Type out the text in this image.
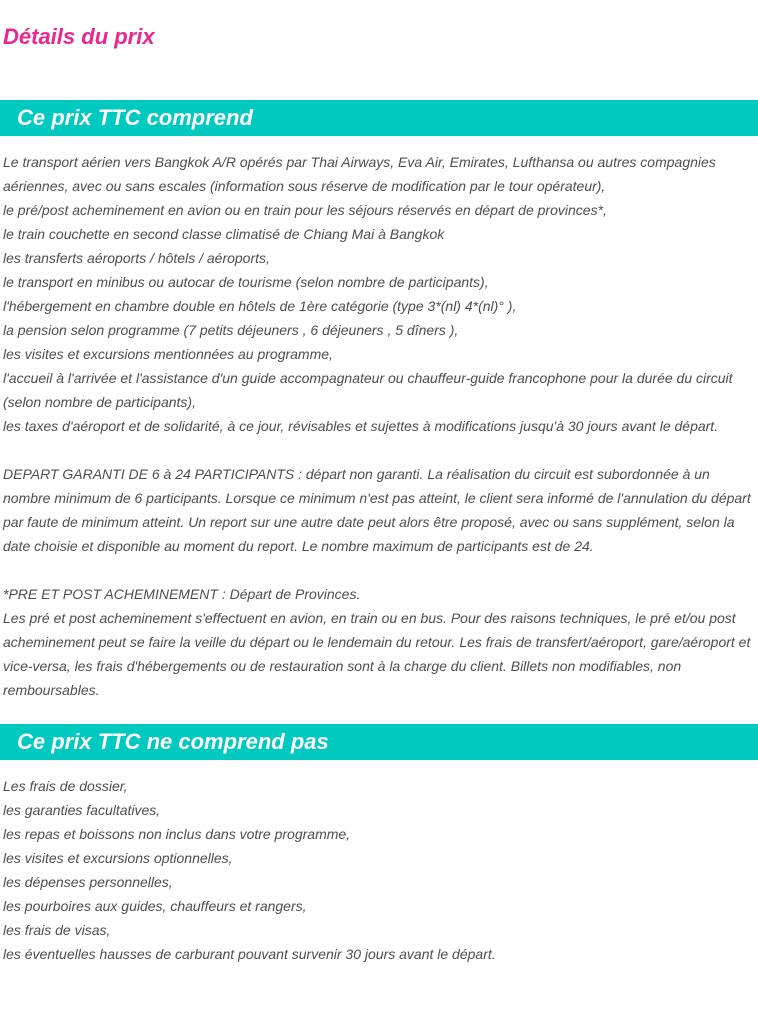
Détails du prix
Ce prix TTC comprend

Le transport aérien vers Bangkok A/R opérés par Thai Airways, Eva Air, Emirates, Lufthansa ou autres compagnies aériennes, avec ou sans escales (information sous réserve de modification par le tour opérateur),

le pré/post acheminement en avion ou en train pour les séjours réservés en départ de provinces*,

le train couchette en second classe climatisé de Chiang Mai à Bangkok

les transferts aéroports / hôtels / aéroports,

le transport en minibus ou autocar de tourisme (selon nombre de participants),

l'hébergement en chambre double en hôtels de 1ère catégorie (type 3*(nl) 4*(nl)° ),

la pension selon programme (7 petits déjeuners , 6 déjeuners , 5 dîners ),

les visites et excursions mentionnées au programme,

l'accueil à l'arrivée et l'assistance d'un guide accompagnateur ou chauffeur-guide francophone pour la durée du circuit (selon nombre de participants),

les taxes d'aéroport et de solidarité, à ce jour, révisables et sujettes à modifications jusqu'à 30 jours avant le départ.

DEPART GARANTI DE 6 à 24 PARTICIPANTS : départ non garanti. La réalisation du circuit est subordonnée à un nombre minimum de 6 participants. Lorsque ce minimum n'est pas atteint, le client sera informé de l'annulation du départ par faute de minimum atteint. Un report sur une autre date peut alors être proposé, avec ou sans supplément, selon la date choisie et disponible au moment du report. Le nombre maximum de participants est de 24.

*PRE ET POST ACHEMINEMENT : Départ de Provinces.

Les pré et post acheminement s'effectuent en avion, en train ou en bus. Pour des raisons techniques, le pré et/ou post acheminement peut se faire la veille du départ ou le lendemain du retour. Les frais de transfert/aéroport, gare/aéroport et vice-versa, les frais d'hébergements ou de restauration sont à la charge du client. Billets non modifiables, non remboursables.

Ce prix TTC ne comprend pas

Les frais de dossier,

les garanties facultatives,

les repas et boissons non inclus dans votre programme,

les visites et excursions optionnelles,

les dépenses personnelles,

les pourboires aux guides, chauffeurs et rangers,

les frais de visas,

les éventuelles hausses de carburant pouvant survenir 30 jours avant le départ.
